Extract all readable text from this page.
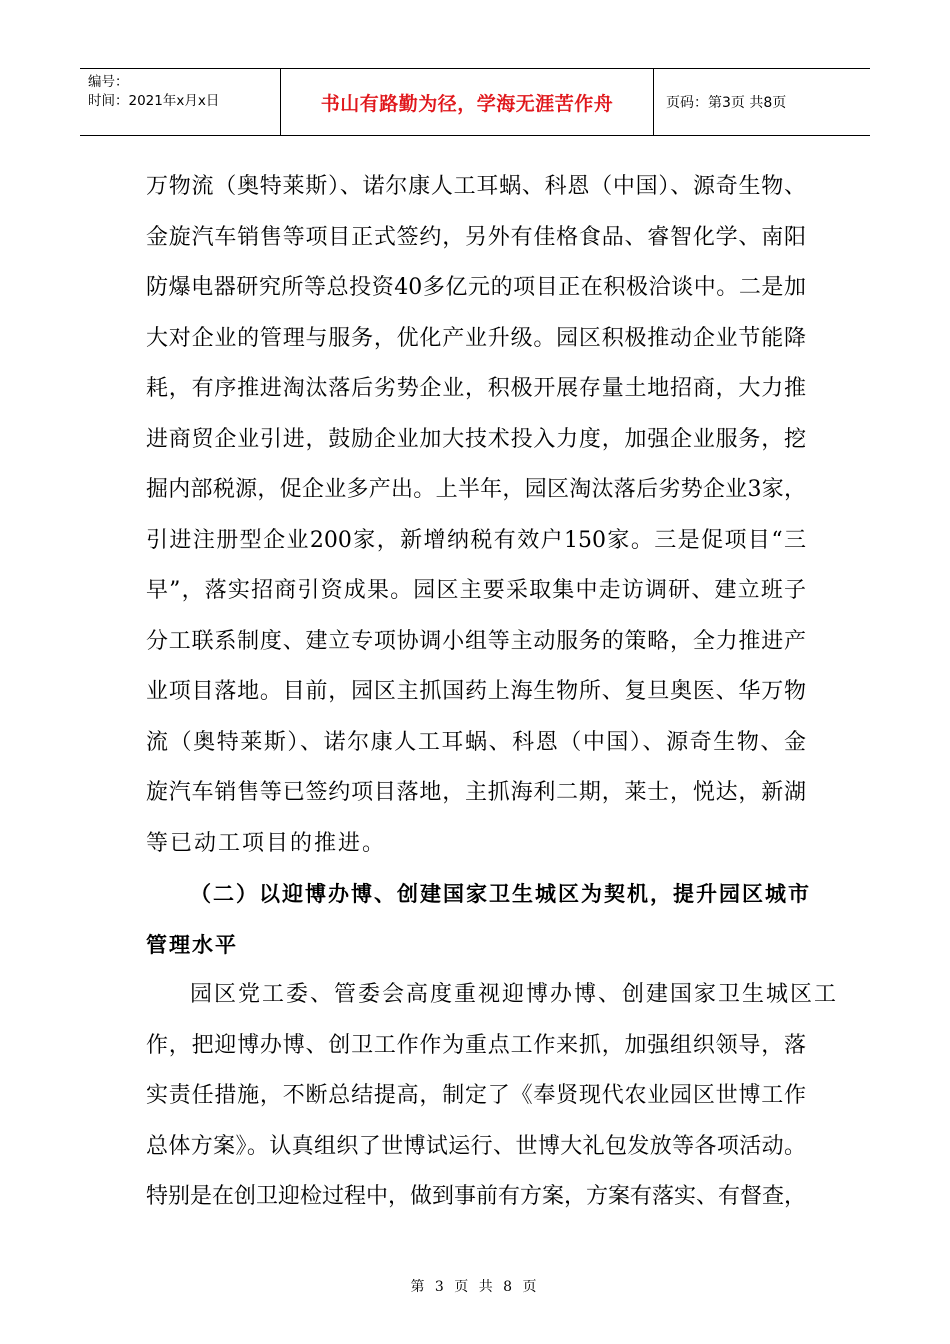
编号：
时间：2021年x月x日	书山有路勤为径，学海无涯苦作舟	页码：第3页 共8页
万物流（奥特莱斯）、诺尔康人工耳蜗、科恩（中国）、源奇生物、
金旋汽车销售等项目正式签约，另外有佳格食品、睿智化学、南阳
防爆电器研究所等总投资40多亿元的项目正在积极洽谈中。二是加
大对企业的管理与服务，优化产业升级。园区积极推动企业节能降
耗，有序推进淘汰落后劣势企业，积极开展存量土地招商，大力推
进商贸企业引进，鼓励企业加大技术投入力度，加强企业服务，挖
掘内部税源，促企业多产出。上半年，园区淘汰落后劣势企业3家，
引进注册型企业200家，新增纳税有效户150家。三是促项目“三
早”，落实招商引资成果。园区主要采取集中走访调研、建立班子
分工联系制度、建立专项协调小组等主动服务的策略，全力推进产
业项目落地。目前，园区主抓国药上海生物所、复旦奥医、华万物
流（奥特莱斯）、诺尔康人工耳蜗、科恩（中国）、源奇生物、金
旋汽车销售等已签约项目落地，主抓海利二期，莱士，悦达，新湖
等已动工项目的推进。
（二）以迎博办博、创建国家卫生城区为契机，提升园区城市
管理水平
园区党工委、管委会高度重视迎博办博、创建国家卫生城区工
作，把迎博办博、创卫工作作为重点工作来抓，加强组织领导，落
实责任措施，不断总结提高，制定了《奉贤现代农业园区世博工作
总体方案》。认真组织了世博试运行、世博大礼包发放等各项活动。
特别是在创卫迎检过程中，做到事前有方案，方案有落实、有督查，
第 3 页 共 8 页
